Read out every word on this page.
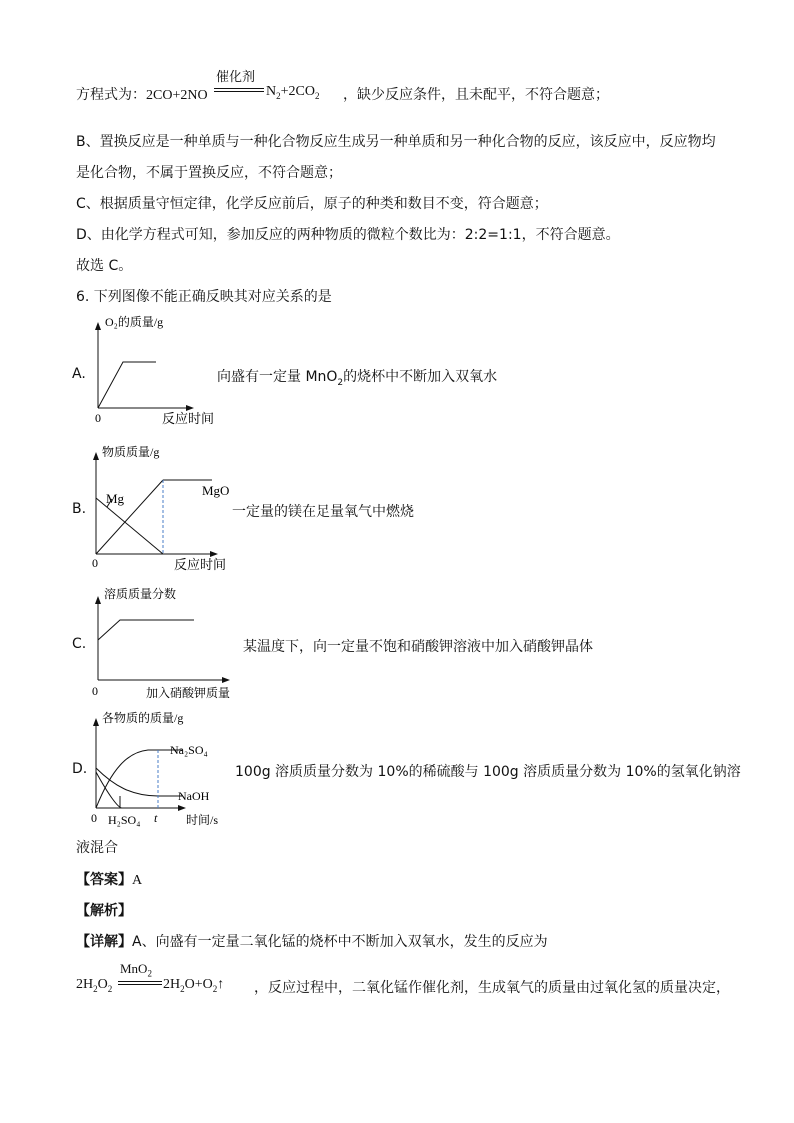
方程式为：2CO+2NO
催化剂
$N_2+2CO_2$ ，缺少反应条件，且未配平，不符合题意；
B、置换反应是一种单质与一种化合物反应生成另一种单质和另一种化合物的反应，该反应中，反应物均
是化合物，不属于置换反应，不符合题意；
C、根据质量守恒定律，化学反应前后，原子的种类和数目不变，符合题意；
D、由化学方程式可知，参加反应的两种物质的微粒个数比为：2:2=1:1，不符合题意。
故选 C。
6. 下列图像不能正确反映其对应关系的是
A.
0
O₂的质量/g
反应时间
向盛有一定量 MnO$_2$的烧杯中不断加入双氧水
B.
0
物质质量/g
反应时间
Mg
MgO
一定量的镁在足量氧气中燃烧
C.
0
溶质质量分数
加入硝酸钾质量
某温度下，向一定量不饱和硝酸钾溶液中加入硝酸钾晶体
D.
0
各物质的质量/g
时间/s
Na₂SO₄
NaOH
H₂SO₄ t
100g 溶质质量分数为 10%的稀硫酸与 100g 溶质质量分数为 10%的氢氧化钠溶
液混合
【答案】A
【解析】
【详解】A、向盛有一定量二氧化锰的烧杯中不断加入双氧水，发生的反应为
$2H_2O_2$
MnO$_2$
$2H_2O+O_2↑$ ，反应过程中，二氧化锰作催化剂，生成氧气的质量由过氧化氢的质量决定，
